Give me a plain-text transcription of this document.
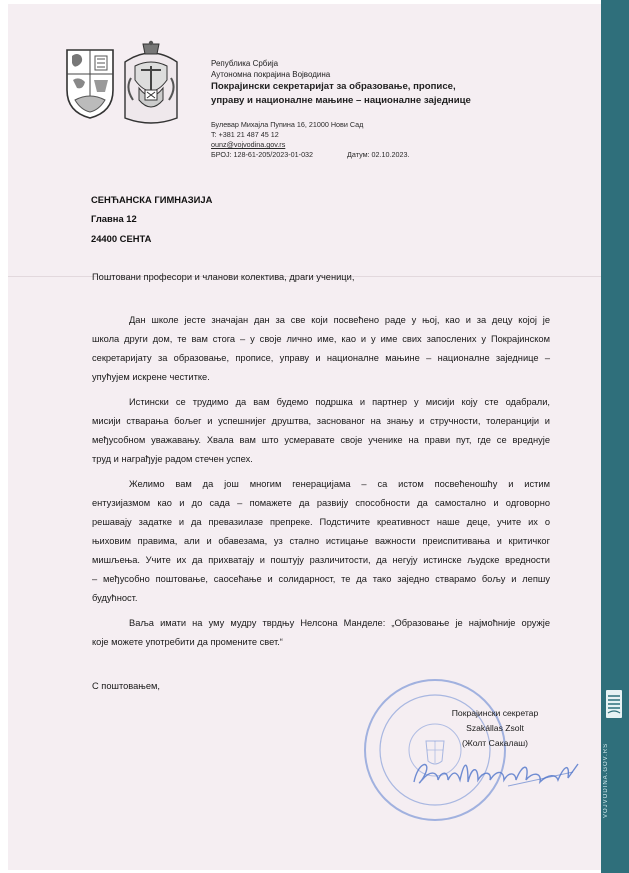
VOJVODINA.GOV.RS
Република Србија
Аутономна покрајина Војводина
Покрајински секретаријат за образовање, прописе,
управу и националне мањине – националне заједнице
Булевар Михајла Пупина 16, 21000 Нови Сад
T: +381 21 487 45 12
ounz@vojvodina.gov.rs
БРОЈ: 128-61-205/2023-01-032	Датум: 02.10.2023.
СЕНЋАНСКА ГИМНАЗИЈА
Главна 12
24400 СЕНТА
Поштовани професори и чланови колектива, драги ученици,
Дан школе јесте значајан дан за све који посвећено раде у њој, као и за децу којој је
школа други дом, те вам стога – у своје лично име, као и у име свих запослених у Покрајинском
секретаријату за образовање, прописе, управу и националне мањине – националне заједнице –
упућујем искрене честитке.
Истински се трудимо да вам будемо подршка и партнер у мисији коју сте одабрали,
мисији стварања бољег и успешнијег друштва, заснованог на знању и стручности, толеранцији и
међусобном уважавању. Хвала вам што усмеравате своје ученике на прави пут, где се вреднује
труд и награђује радом стечен успех.
Желимо вам да још многим генерацијама – са истом посвећеношћу и истим
ентузијазмом као и до сада – помажете да развију способности да самостално и одговорно
решавају задатке и да превазилазе препреке. Подстичите креативност наше деце, учите их о
њиховим правима, али и обавезама, уз стално истицање важности преиспитивања и критичког
мишљења. Учите их да прихватају и поштују различитости, да негују истинске људске вредности
– међусобно поштовање, саосећање и солидарност, те да тако заједно стварамо бољу и лепшу
будућност.
Ваља имати на уму мудру тврдњу Нелсона Манделе: „Образовање је најмоћније оружје
које можете употребити да промените свет.“
С поштовањем,
Покрајински секретар
Szakállas Zsolt
(Жолт Сакалаш)
